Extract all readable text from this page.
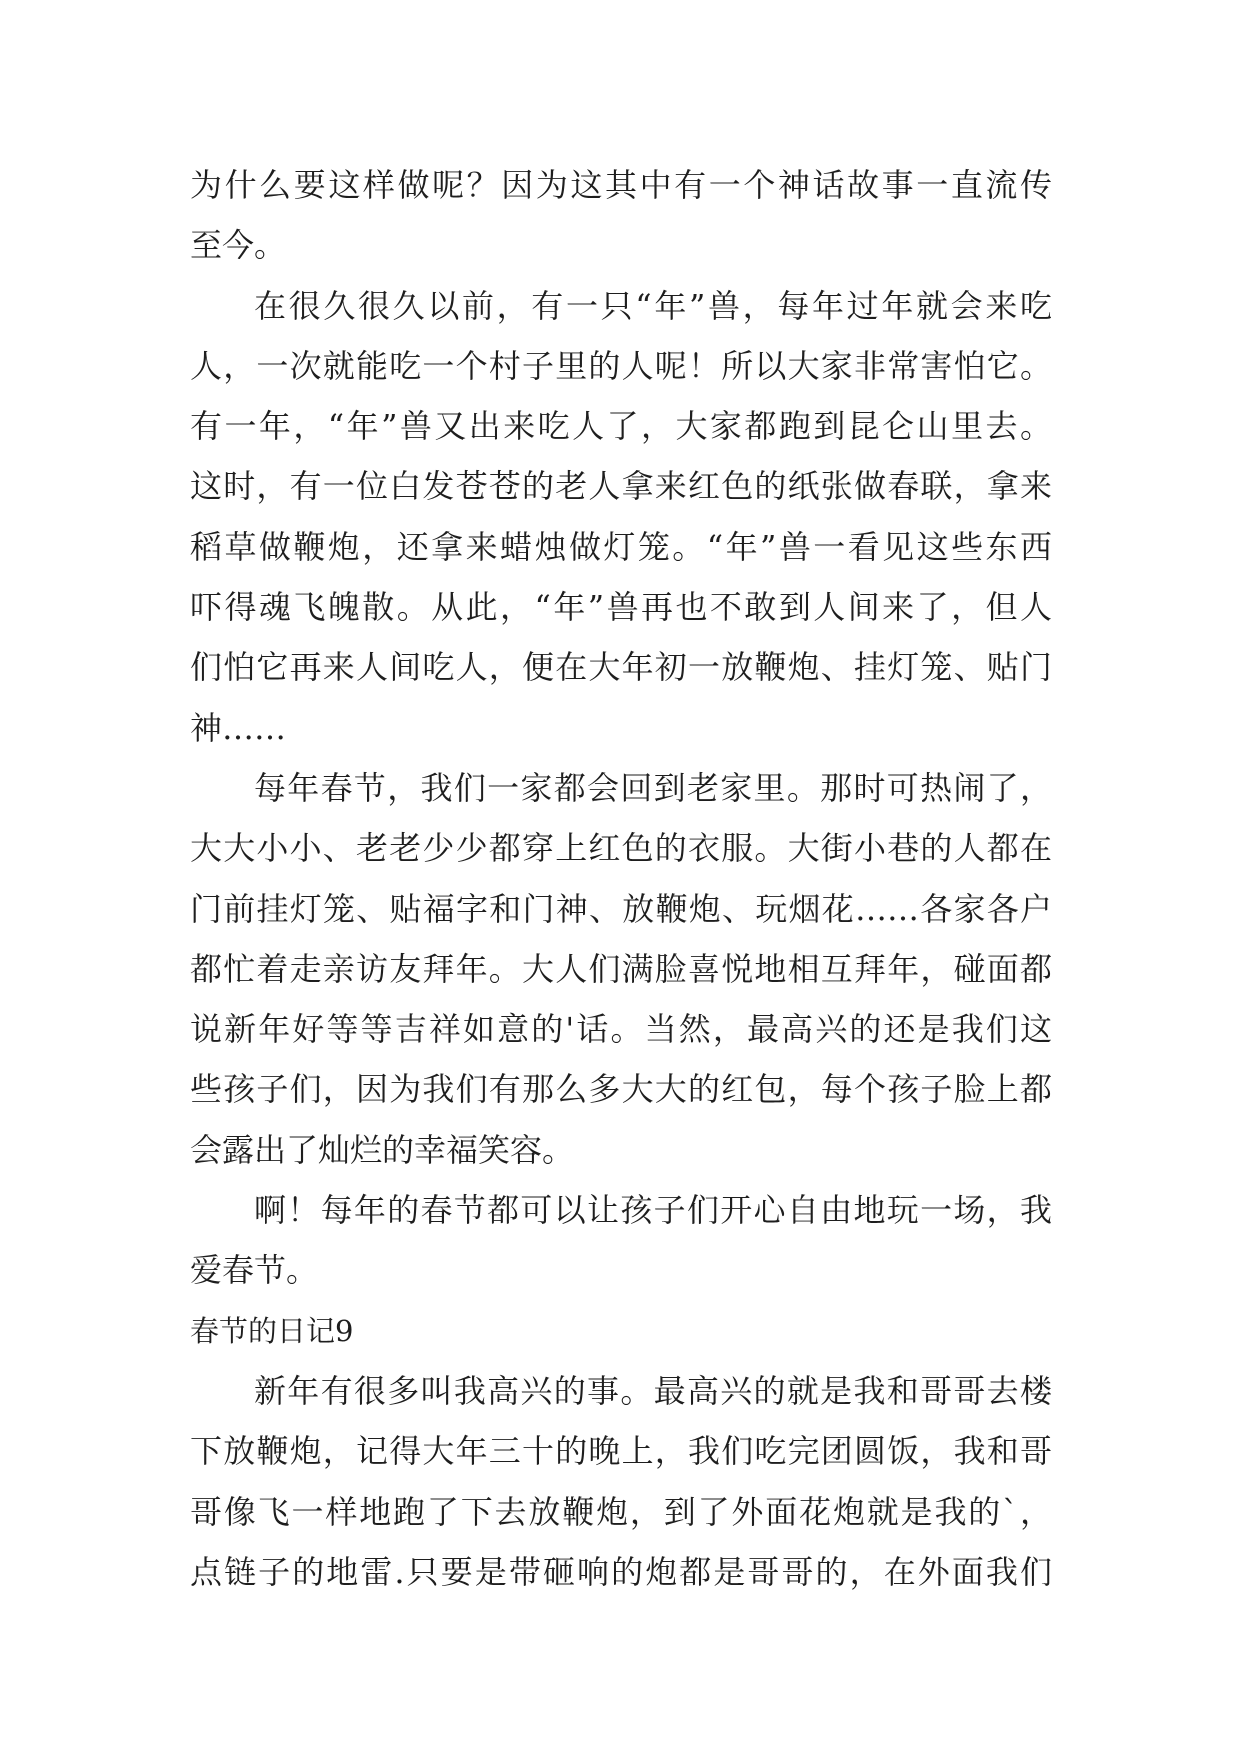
为什么要这样做呢？因为这其中有一个神话故事一直流传
至今。
在很久很久以前，有一只“年”兽，每年过年就会来吃
人，一次就能吃一个村子里的人呢！所以大家非常害怕它。
有一年，“年”兽又出来吃人了，大家都跑到昆仑山里去。
这时，有一位白发苍苍的老人拿来红色的纸张做春联，拿来
稻草做鞭炮，还拿来蜡烛做灯笼。“年”兽一看见这些东西
吓得魂飞魄散。从此，“年”兽再也不敢到人间来了，但人
们怕它再来人间吃人，便在大年初一放鞭炮、挂灯笼、贴门
神……
每年春节，我们一家都会回到老家里。那时可热闹了，
大大小小、老老少少都穿上红色的衣服。大街小巷的人都在
门前挂灯笼、贴福字和门神、放鞭炮、玩烟花……各家各户
都忙着走亲访友拜年。大人们满脸喜悦地相互拜年，碰面都
说新年好等等吉祥如意的'话。当然，最高兴的还是我们这
些孩子们，因为我们有那么多大大的红包，每个孩子脸上都
会露出了灿烂的幸福笑容。
啊！每年的春节都可以让孩子们开心自由地玩一场，我
爱春节。
春节的日记9
新年有很多叫我高兴的事。最高兴的就是我和哥哥去楼
下放鞭炮，记得大年三十的晚上，我们吃完团圆饭，我和哥
哥像飞一样地跑了下去放鞭炮，到了外面花炮就是我的`，
点链子的地雷.只要是带砸响的炮都是哥哥的，在外面我们
